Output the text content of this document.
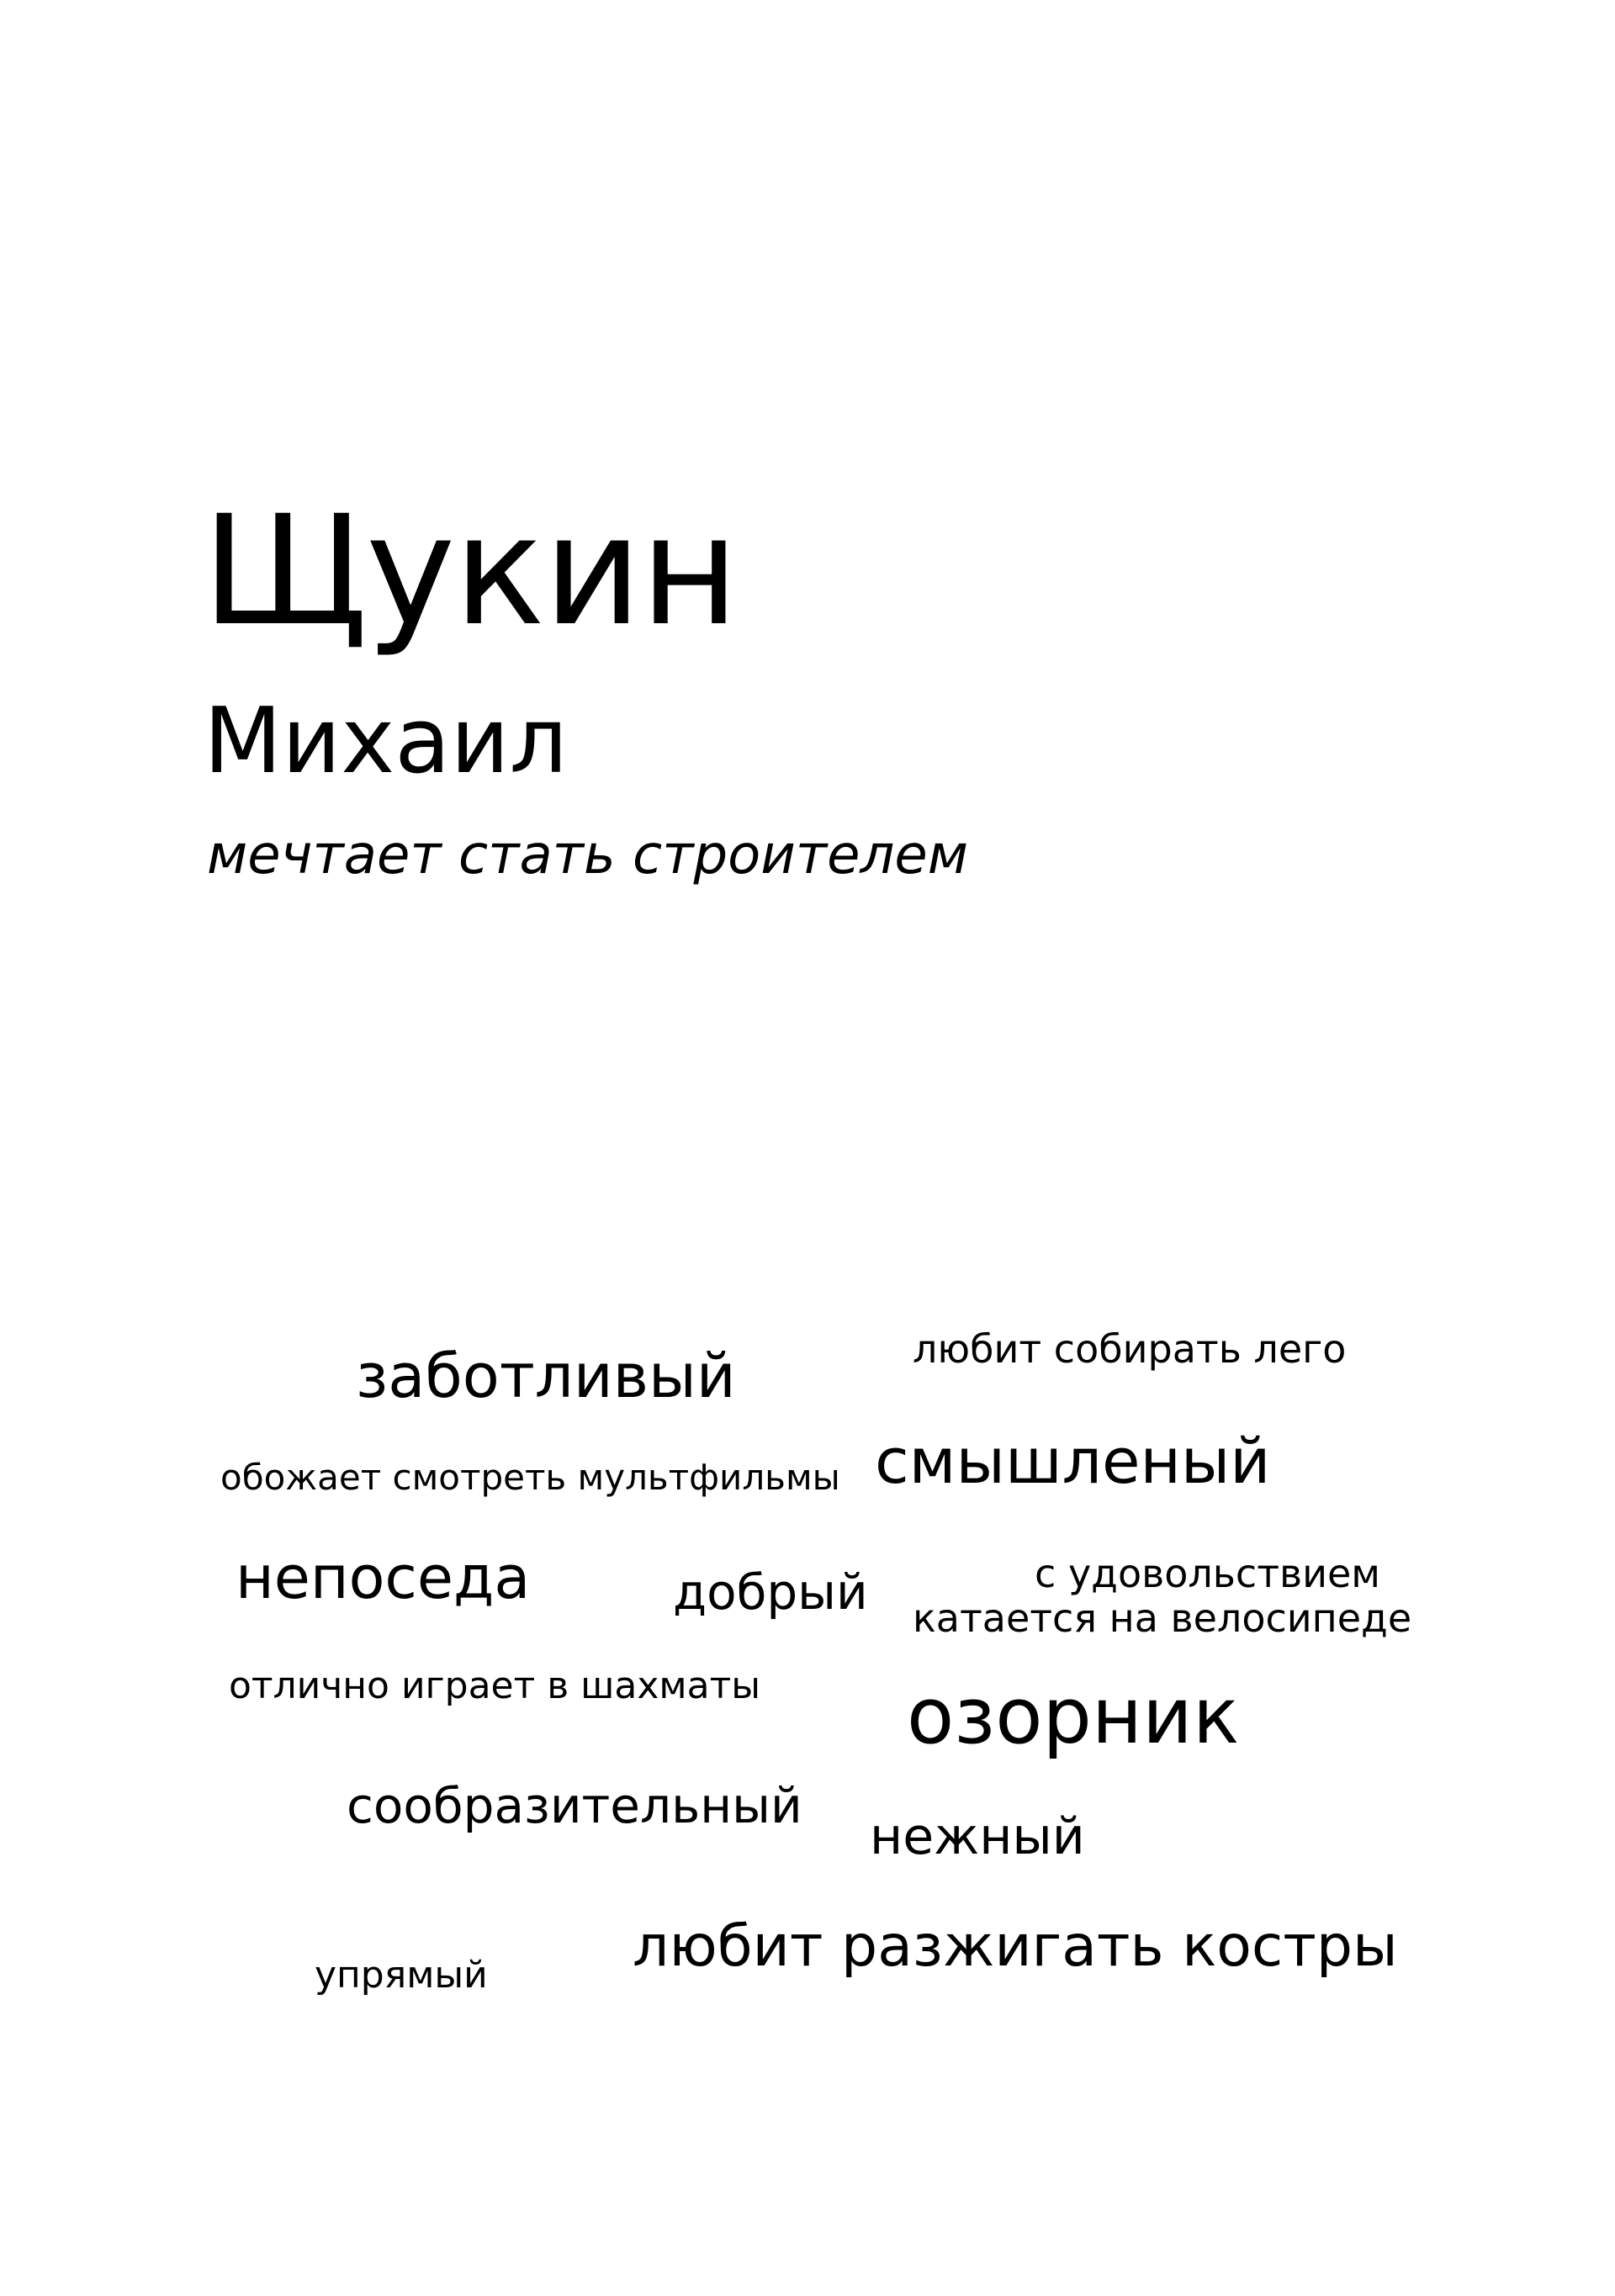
Щукин
Михаил
мечтает стать строителем
заботливый	любит собирать лего
обожает смотреть мультфильмы смышленый
непоседа	добрый	с удовольствием
катается на велосипеде
отлично играет в шахматы озорник
сообразительный
нежный
любит разжигать костры
упрямый
